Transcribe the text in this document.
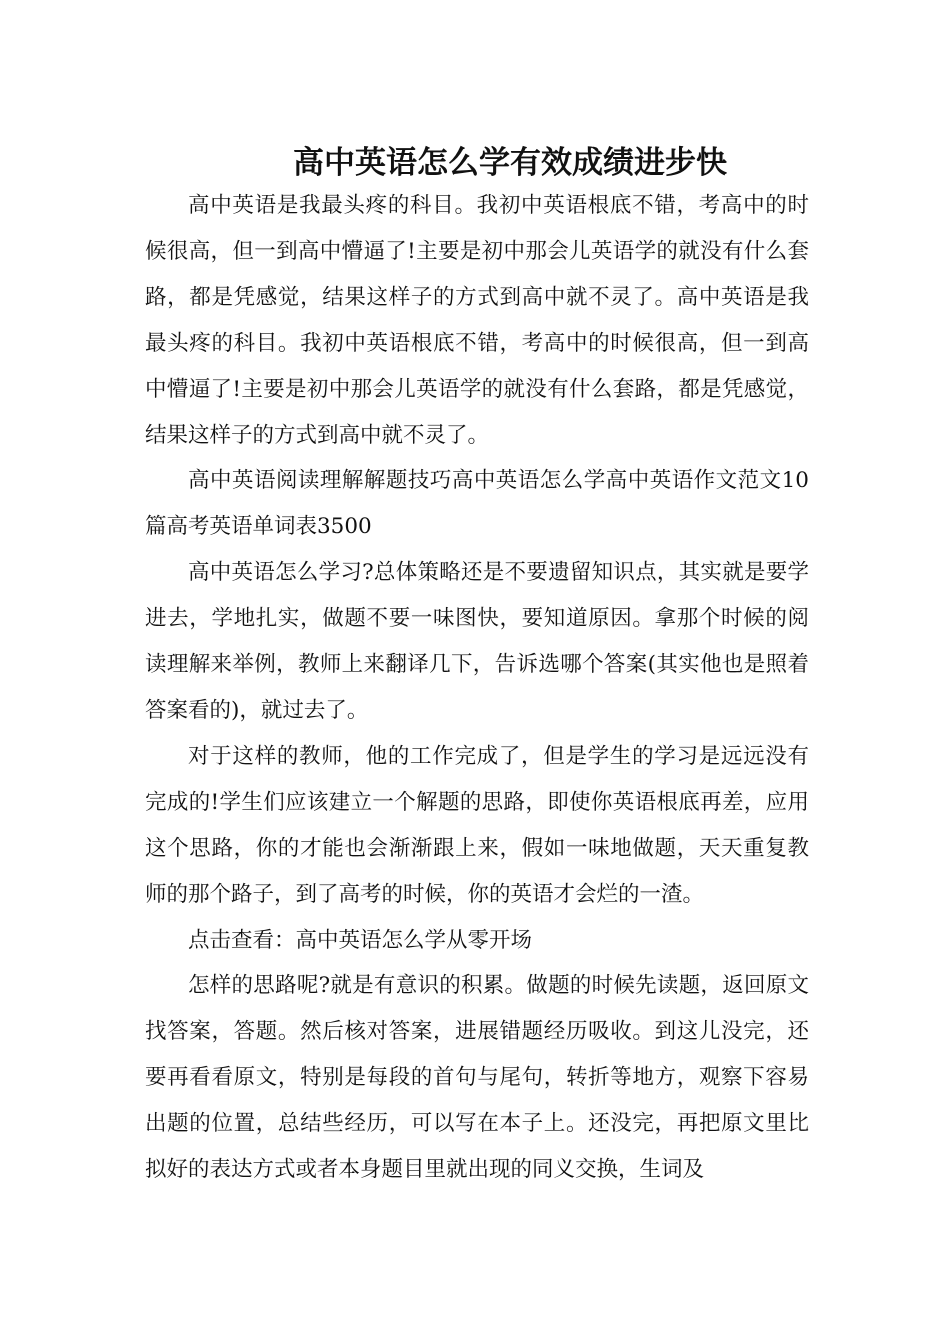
高中英语怎么学有效成绩进步快

高中英语是我最头疼的科目。我初中英语根底不错，考高中的时候很高，但一到高中懵逼了!主要是初中那会儿英语学的就没有什么套路，都是凭感觉，结果这样子的方式到高中就不灵了。高中英语是我最头疼的科目。我初中英语根底不错，考高中的时候很高，但一到高中懵逼了!主要是初中那会儿英语学的就没有什么套路，都是凭感觉，结果这样子的方式到高中就不灵了。

高中英语阅读理解解题技巧高中英语怎么学高中英语作文范文10篇高考英语单词表3500

高中英语怎么学习?总体策略还是不要遗留知识点，其实就是要学进去，学地扎实，做题不要一味图快，要知道原因。拿那个时候的阅读理解来举例，教师上来翻译几下，告诉选哪个答案(其实他也是照着答案看的)，就过去了。

对于这样的教师，他的工作完成了，但是学生的学习是远远没有完成的!学生们应该建立一个解题的思路，即使你英语根底再差，应用这个思路，你的才能也会渐渐跟上来，假如一味地做题，天天重复教师的那个路子，到了高考的时候，你的英语才会烂的一渣。

点击查看：高中英语怎么学从零开场

怎样的思路呢?就是有意识的积累。做题的时候先读题，返回原文找答案，答题。然后核对答案，进展错题经历吸收。到这儿没完，还要再看看原文，特别是每段的首句与尾句，转折等地方，观察下容易出题的位置，总结些经历，可以写在本子上。还没完，再把原文里比拟好的表达方式或者本身题目里就出现的同义交换，生词及
